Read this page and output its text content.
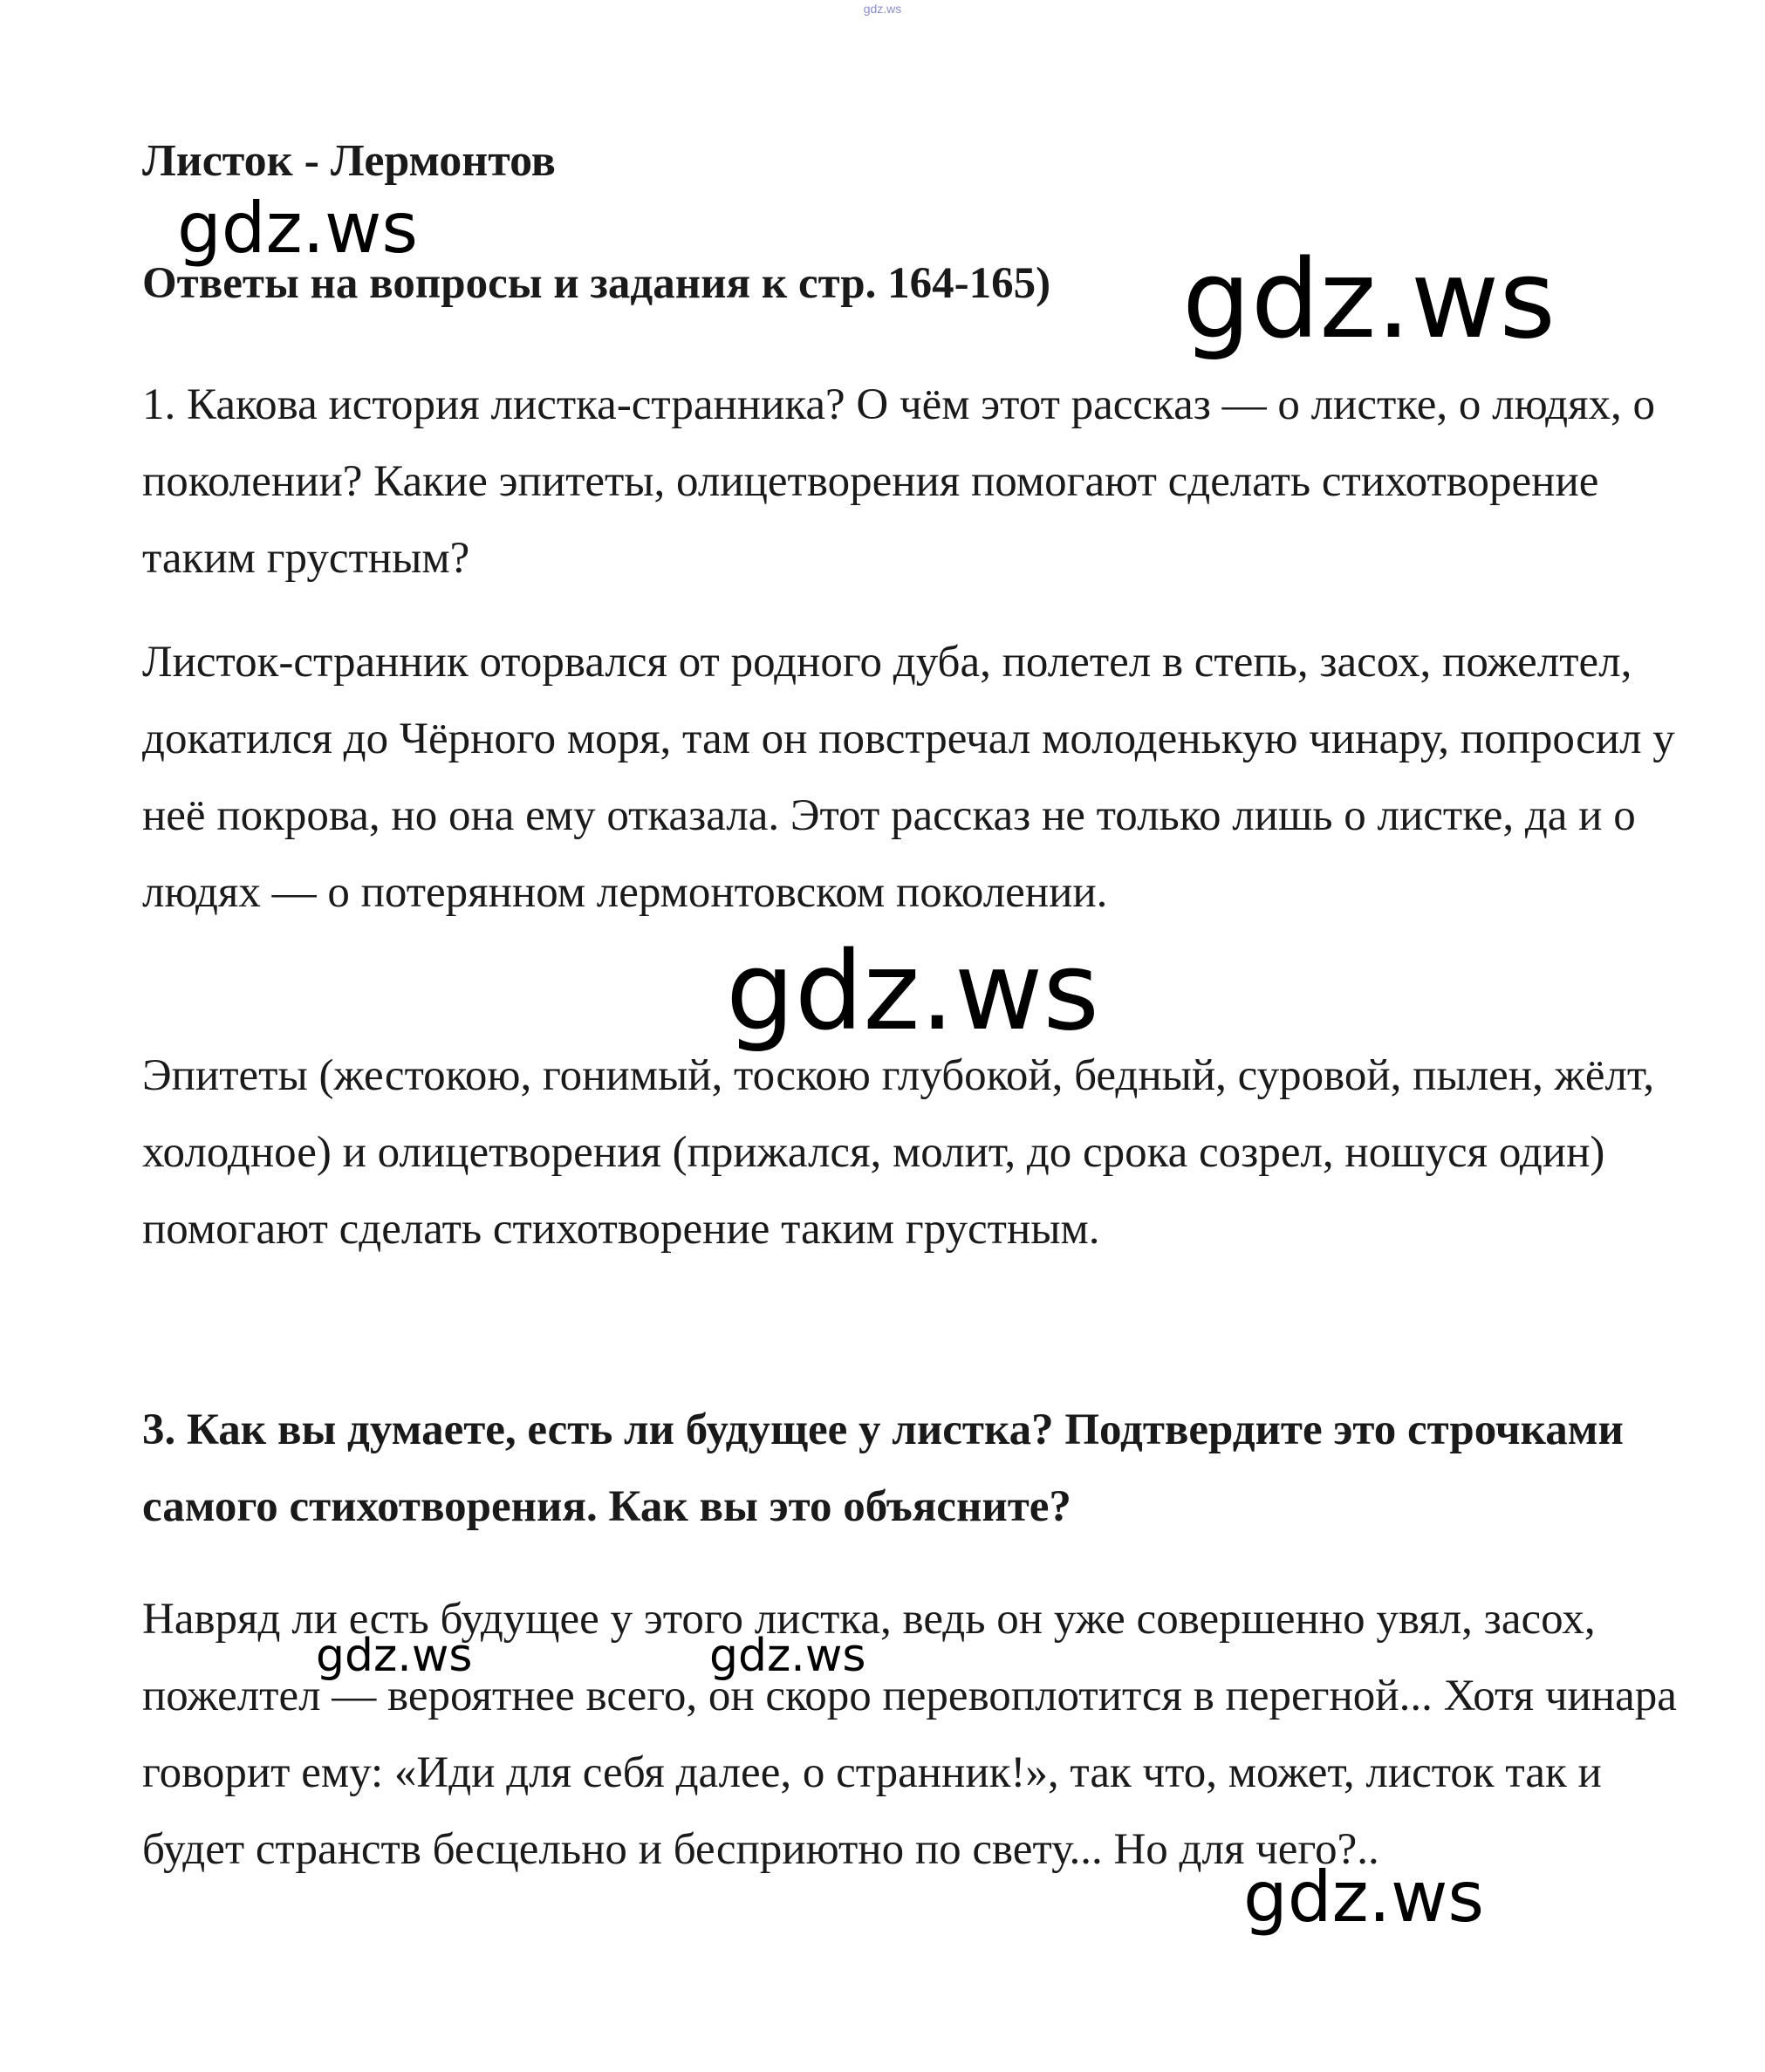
gdz.ws
Листок - Лермонтов
Ответы на вопросы и задания к стр. 164-165)

1. Какова история листка-странника? О чём этот рассказ — о листке, о людях, о поколении? Какие эпитеты, олицетворения помогают сделать стихотворение таким грустным?

Листок-странник оторвался от родного дуба, полетел в степь, засох, пожелтел, докатился до Чёрного моря, там он повстречал молоденькую чинару, попросил у неё покрова, но она ему отказала. Этот рассказ не только лишь о листке, да и о людях — о потерянном лермонтовском поколении.

Эпитеты (жестокою, гонимый, тоскою глубокой, бедный, суровой, пылен, жёлт, холодное) и олицетворения (прижался, молит, до срока созрел, ношуся один) помогают сделать стихотворение таким грустным.

3. Как вы думаете, есть ли будущее у листка? Подтвердите это строчками самого стихотворения. Как вы это объясните?

Навряд ли есть будущее у этого листка, ведь он уже совершенно увял, засох, пожелтел — вероятнее всего, он скоро перевоплотится в перегной... Хотя чинара говорит ему: «Иди для себя далее, о странник!», так что, может, листок так и будет странств бесцельно и бесприютно по свету... Но для чего?..

gdz.ws
gdz.ws
gdz.ws
gdz.ws	gdz.ws
gdz.ws
